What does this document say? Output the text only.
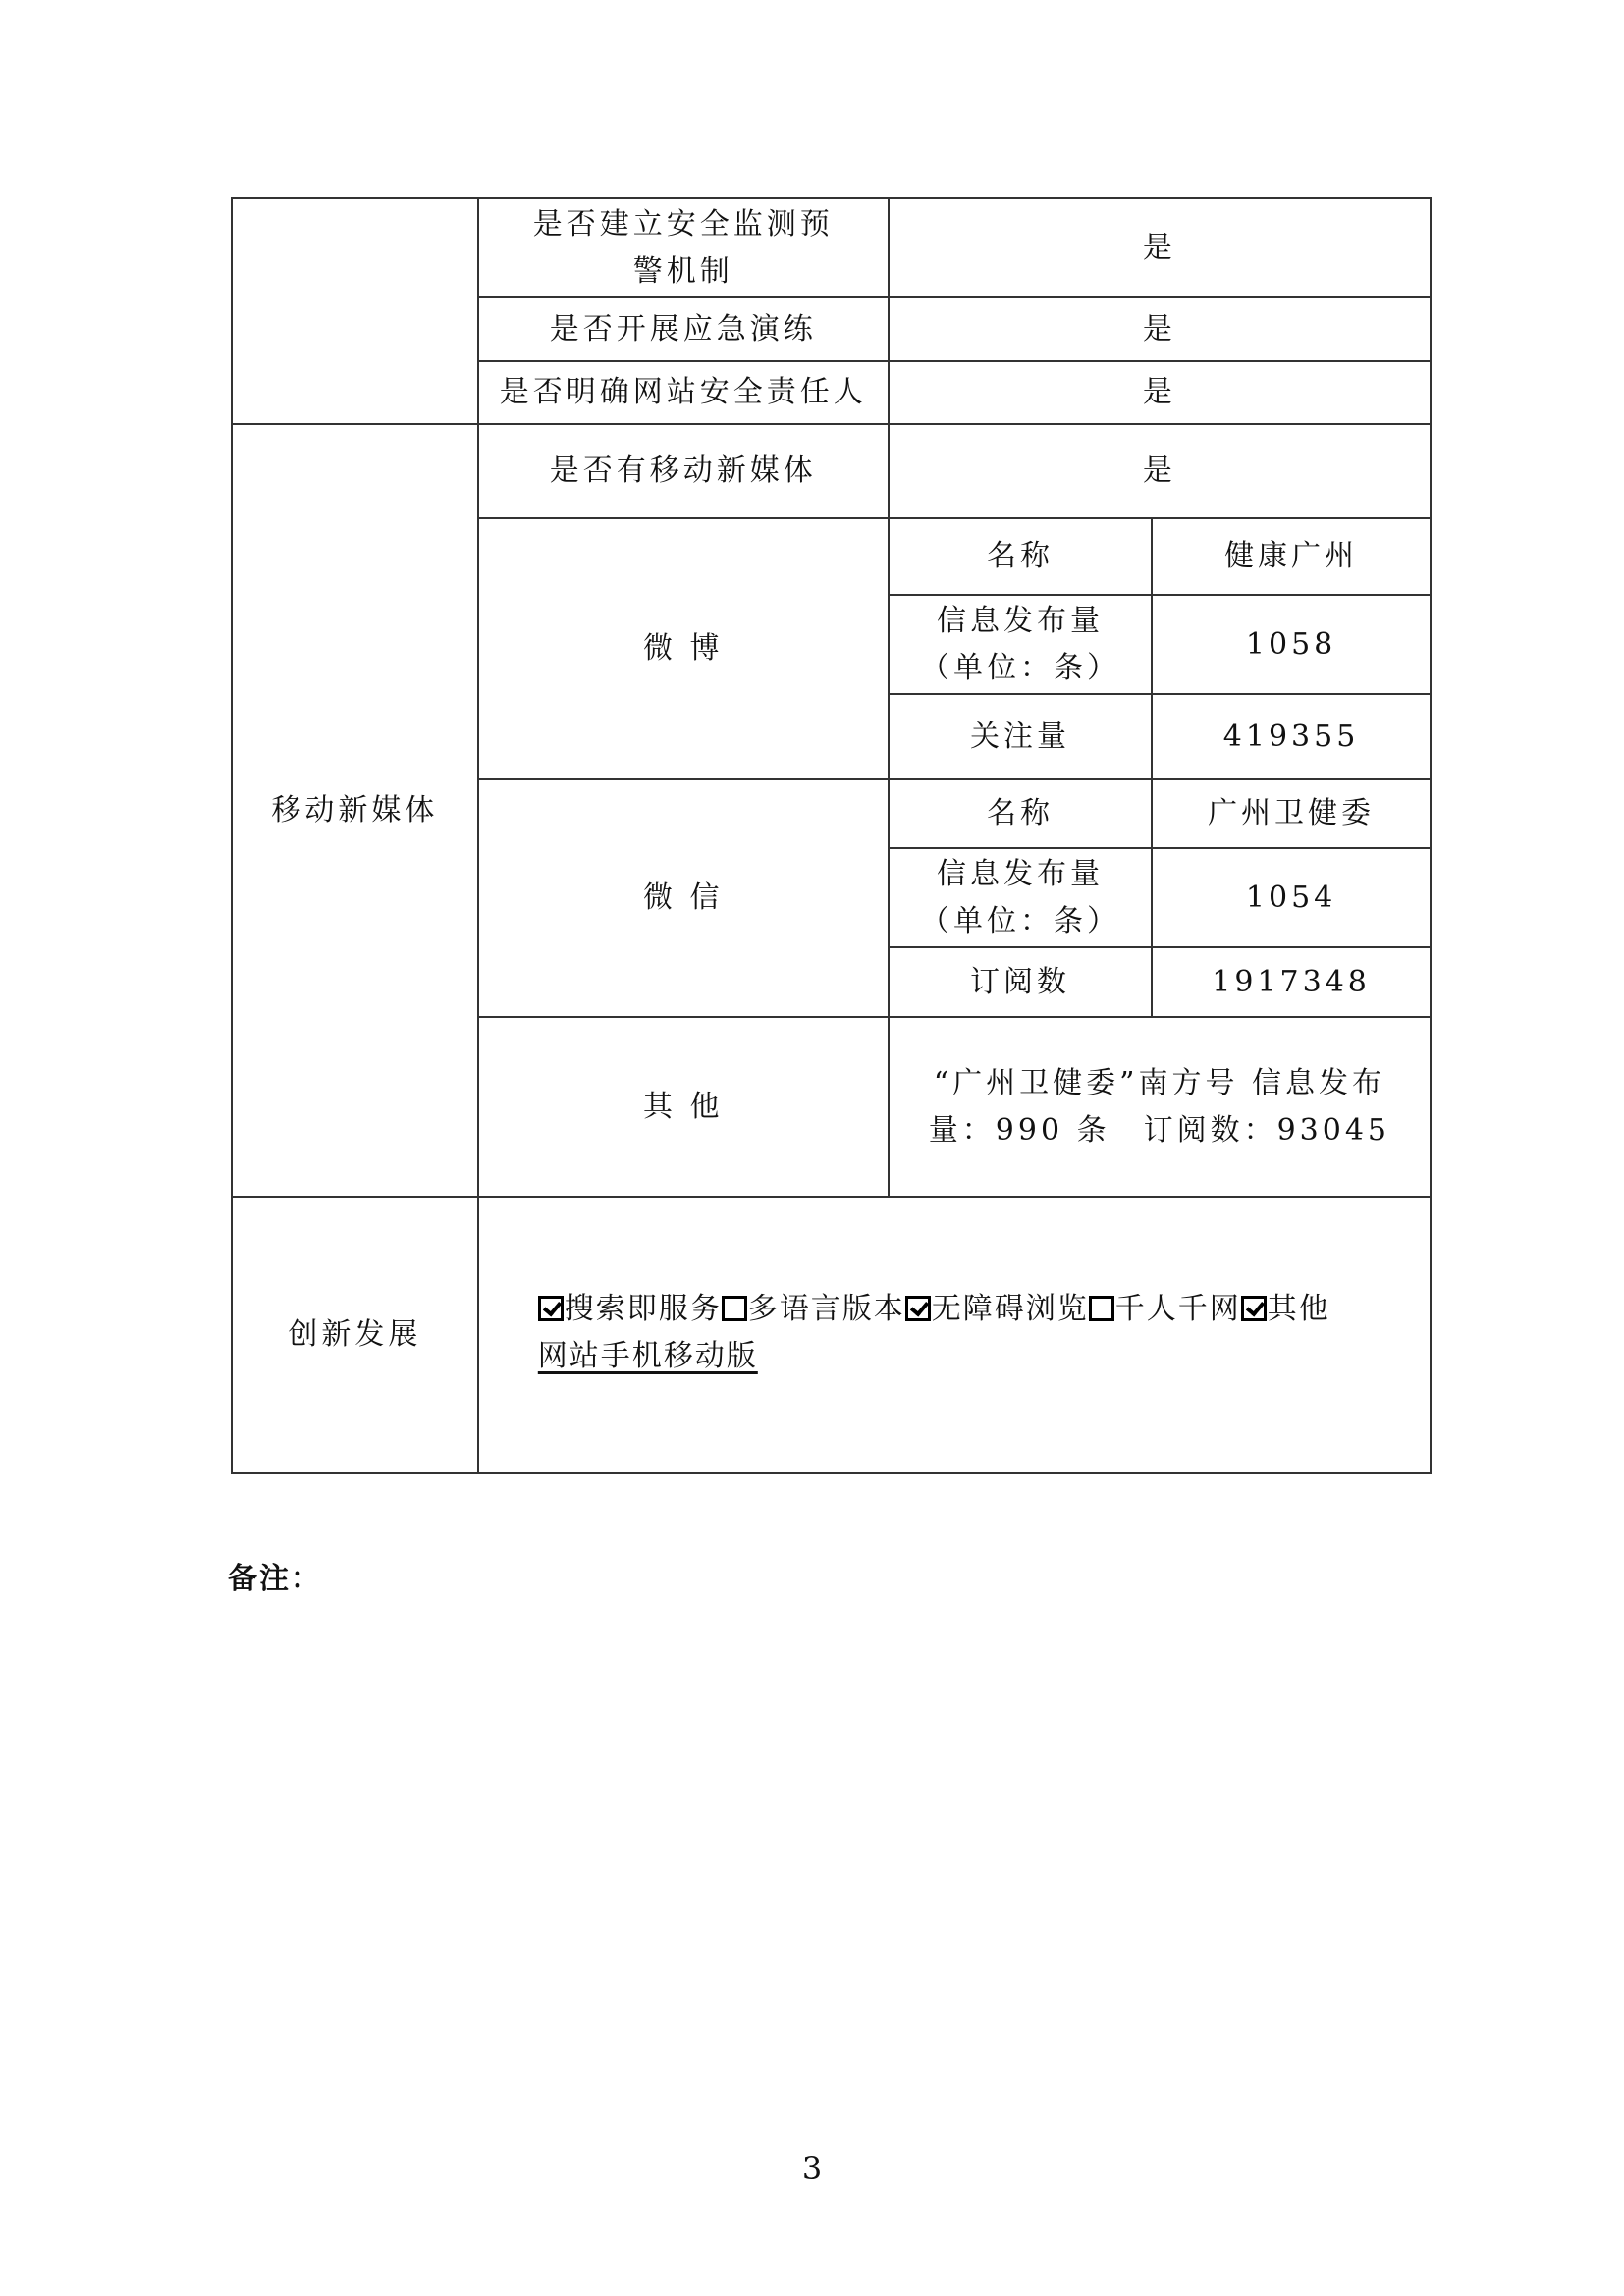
	是否建立安全监测预警机制	是	
	是否开展应急演练	是	
	是否明确网站安全责任人	是	
移动新媒体	是否有移动新媒体	是	
	微 博	名称	健康广州
		信息发布量（单位：条）	1058
		关注量	419355
	微 信	名称	广州卫健委
		信息发布量（单位：条）	1054
		订阅数	1917348
	其 他	“广州卫健委”南方号 信息发布
量：990 条　订阅数：93045	

创新发展	搜索即服务 多语言版本 无障碍浏览 千人千网 其他
网站手机移动版		
备注：
3
